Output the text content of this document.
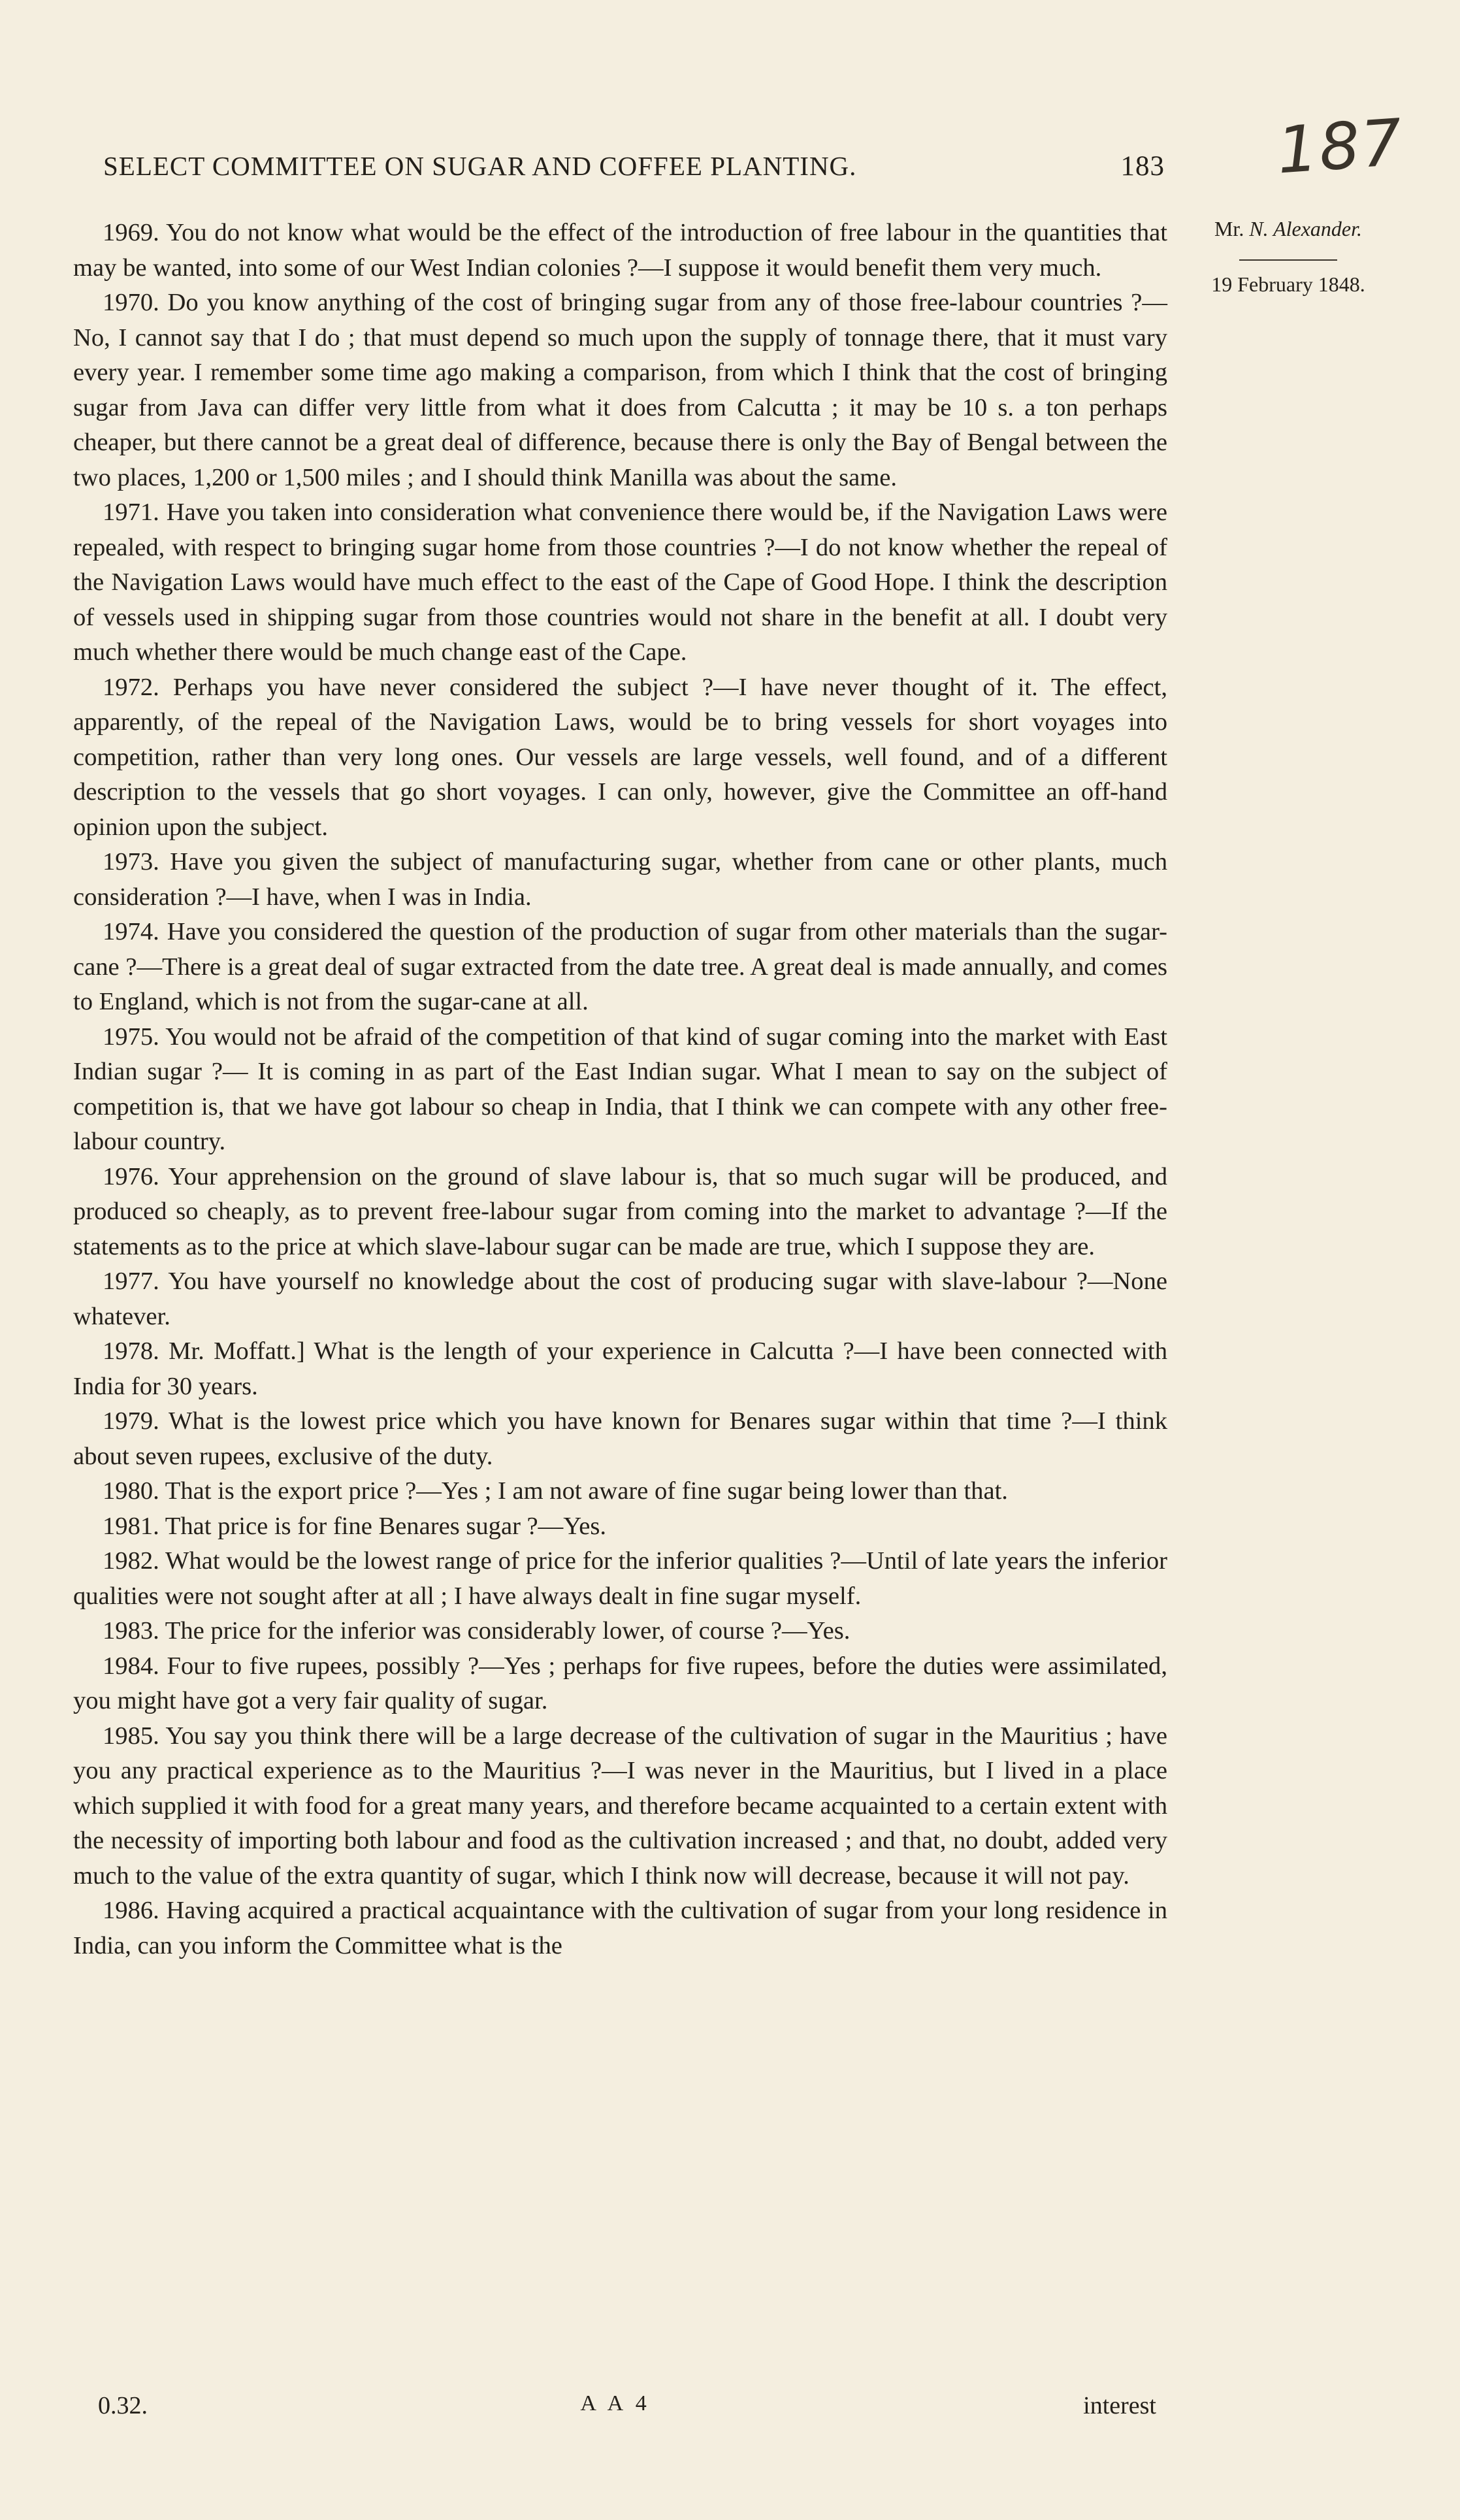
187
SELECT COMMITTEE ON SUGAR AND COFFEE PLANTING.	183
Mr. N. Alexander.
19 February 1848.

1969. You do not know what would be the effect of the introduction of free labour in the quantities that may be wanted, into some of our West Indian colonies ?—I suppose it would benefit them very much.

1970. Do you know anything of the cost of bringing sugar from any of those free-labour countries ?—No, I cannot say that I do ; that must depend so much upon the supply of tonnage there, that it must vary every year. I remember some time ago making a comparison, from which I think that the cost of bringing sugar from Java can differ very little from what it does from Calcutta ; it may be 10 s. a ton perhaps cheaper, but there cannot be a great deal of difference, because there is only the Bay of Bengal between the two places, 1,200 or 1,500 miles ; and I should think Manilla was about the same.

1971. Have you taken into consideration what convenience there would be, if the Navigation Laws were repealed, with respect to bringing sugar home from those countries ?—I do not know whether the repeal of the Navigation Laws would have much effect to the east of the Cape of Good Hope. I think the description of vessels used in shipping sugar from those countries would not share in the benefit at all. I doubt very much whether there would be much change east of the Cape.

1972. Perhaps you have never considered the subject ?—I have never thought of it. The effect, apparently, of the repeal of the Navigation Laws, would be to bring vessels for short voyages into competition, rather than very long ones. Our vessels are large vessels, well found, and of a different description to the vessels that go short voyages. I can only, however, give the Committee an off-hand opinion upon the subject.

1973. Have you given the subject of manufacturing sugar, whether from cane or other plants, much consideration ?—I have, when I was in India.

1974. Have you considered the question of the production of sugar from other materials than the sugar-cane ?—There is a great deal of sugar extracted from the date tree. A great deal is made annually, and comes to England, which is not from the sugar-cane at all.

1975. You would not be afraid of the competition of that kind of sugar coming into the market with East Indian sugar ?— It is coming in as part of the East Indian sugar. What I mean to say on the subject of competition is, that we have got labour so cheap in India, that I think we can compete with any other free-labour country.

1976. Your apprehension on the ground of slave labour is, that so much sugar will be produced, and produced so cheaply, as to prevent free-labour sugar from coming into the market to advantage ?—If the statements as to the price at which slave-labour sugar can be made are true, which I suppose they are.

1977. You have yourself no knowledge about the cost of producing sugar with slave-labour ?—None whatever.

1978. Mr. Moffatt.] What is the length of your experience in Calcutta ?—I have been connected with India for 30 years.

1979. What is the lowest price which you have known for Benares sugar within that time ?—I think about seven rupees, exclusive of the duty.

1980. That is the export price ?—Yes ; I am not aware of fine sugar being lower than that.

1981. That price is for fine Benares sugar ?—Yes.

1982. What would be the lowest range of price for the inferior qualities ?—Until of late years the inferior qualities were not sought after at all ; I have always dealt in fine sugar myself.

1983. The price for the inferior was considerably lower, of course ?—Yes.

1984. Four to five rupees, possibly ?—Yes ; perhaps for five rupees, before the duties were assimilated, you might have got a very fair quality of sugar.

1985. You say you think there will be a large decrease of the cultivation of sugar in the Mauritius ; have you any practical experience as to the Mauritius ?—I was never in the Mauritius, but I lived in a place which supplied it with food for a great many years, and therefore became acquainted to a certain extent with the necessity of importing both labour and food as the cultivation increased ; and that, no doubt, added very much to the value of the extra quantity of sugar, which I think now will decrease, because it will not pay.

1986. Having acquired a practical acquaintance with the cultivation of sugar from your long residence in India, can you inform the Committee what is the

0.32.	A A 4	interest
